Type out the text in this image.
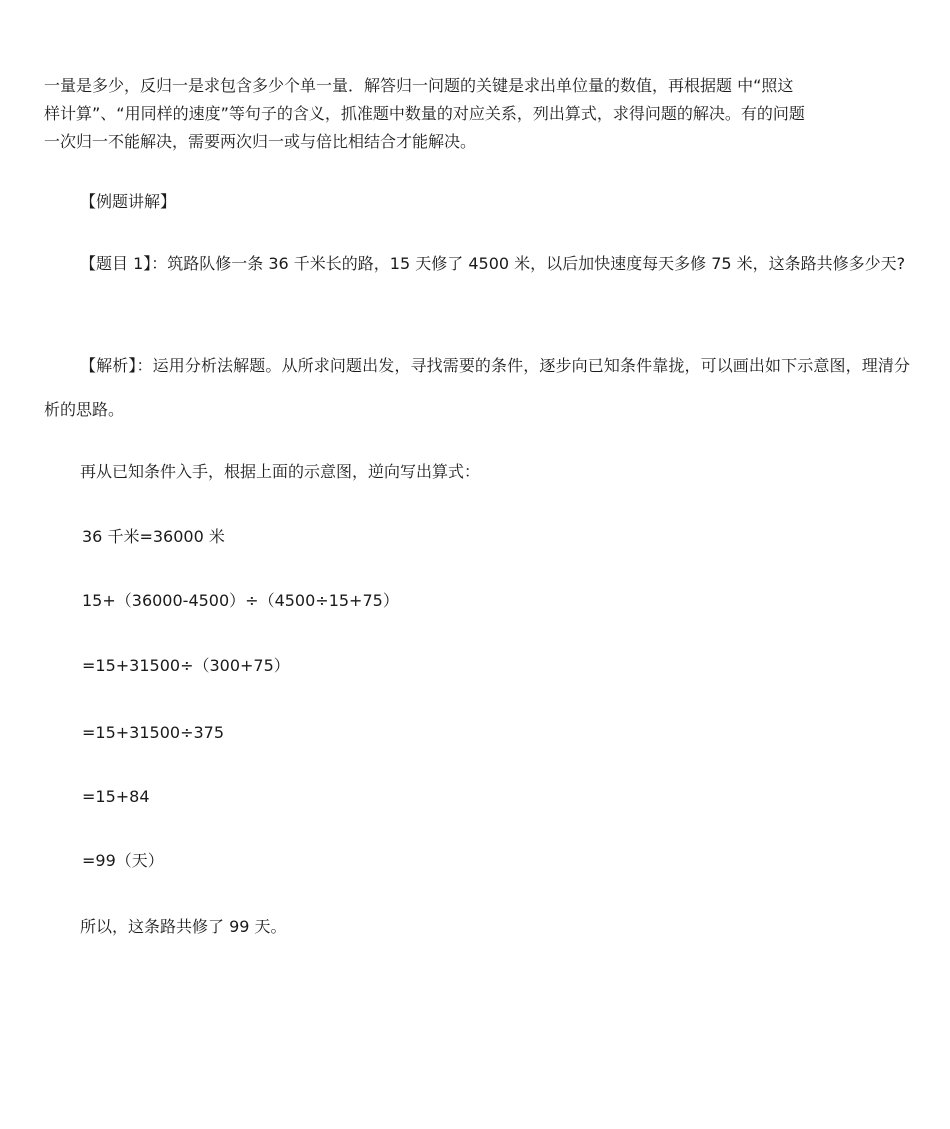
一量是多少，反归一是求包含多少个单一量．解答归一问题的关键是求出单位量的数值，再根据题 中“照这
样计算”、“用同样的速度”等句子的含义，抓准题中数量的对应关系，列出算式，求得问题的解决。有的问题
一次归一不能解决，需要两次归一或与倍比相结合才能解决。
【例题讲解】
【题目 1】：筑路队修一条 36 千米长的路，15 天修了 4500 米，以后加快速度每天多修 75 米，这条路共修多少天?
【解析】：运用分析法解题。从所求问题出发，寻找需要的条件，逐步向已知条件靠拢，可以画出如下示意图，理清分析的思路。
再从已知条件入手，根据上面的示意图，逆向写出算式：
36 千米=36000 米
15+（36000-4500）÷（4500÷15+75）
=15+31500÷（300+75）
=15+31500÷375
=15+84
=99（天）
所以，这条路共修了 99 天。
